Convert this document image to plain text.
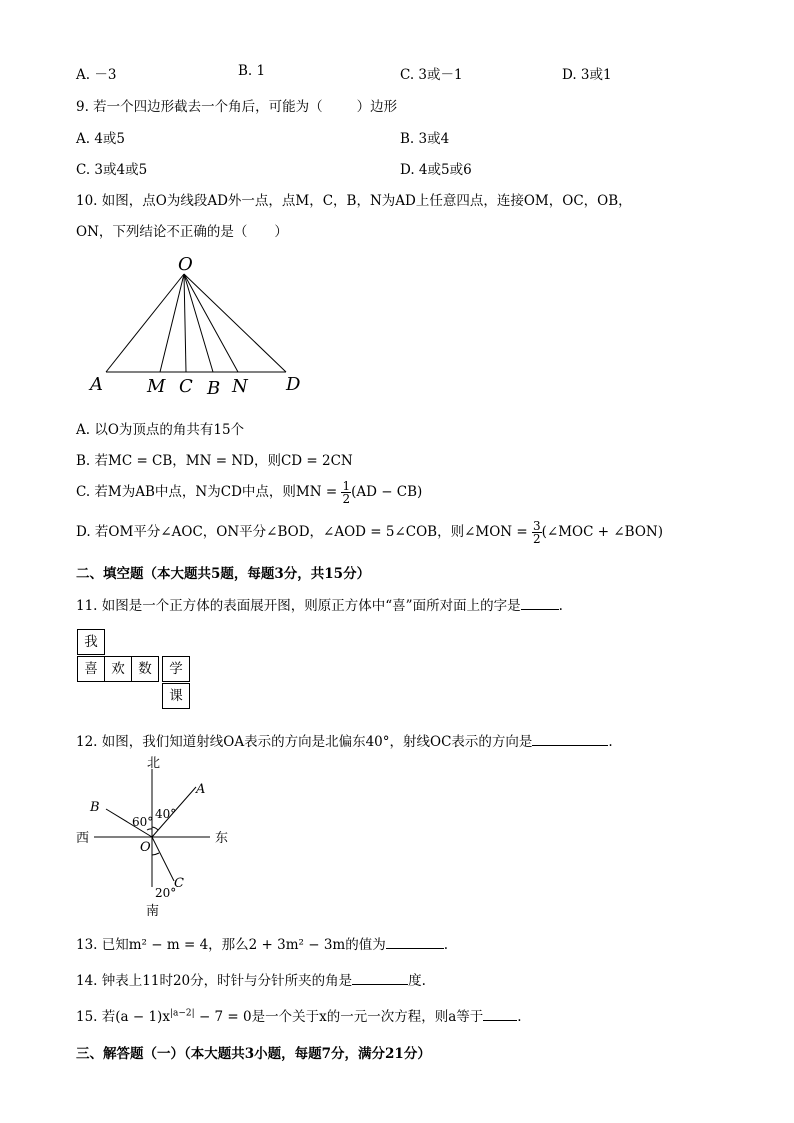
A. －3	B. 1	C. 3或－1	D. 3或1
9. 若一个四边形截去一个角后，可能为（	）边形
A. 4或5	B. 3或4
C. 3或4或5	D. 4或5或6
10. 如图，点O为线段AD外一点，点M，C，B，N为AD上任意四点，连接OM，OC，OB，
ON，下列结论不正确的是（　　）
O
A M C B N D
A. 以O为顶点的角共有15个
B. 若MC = CB，MN = ND，则CD = 2CN
C. 若M为AB中点，N为CD中点，则MN = $\frac{1}{2} (AD - CB)$
D. 若OM平分∠AOC，ON平分∠BOD，∠AOD = 5∠COB，则∠MON = $\frac{3}{2}$ (∠MOC + ∠BON)
二、填空题（本大题共5题，每题3分，共15分）
11. 如图是一个正方体的表面展开图，则原正方体中“喜”面所对面上的字是	.
我
喜	欢	数	学
课
12. 如图，我们知道射线OA表示的方向是北偏东40°，射线OC表示的方向是	.
北
南
西	东
O
A
B
C
40°
60°
20°
13. 已知m² − m = 4，那么2 + 3m² − 3m的值为	.
14. 钟表上11时20分，时针与分针所夹的角是	度.
15. 若$(a - 1)x^{|a-2|} - 7 = 0$是一个关于x的一元一次方程，则a等于	.
三、解答题（一）（本大题共3小题，每题7分，满分21分）
